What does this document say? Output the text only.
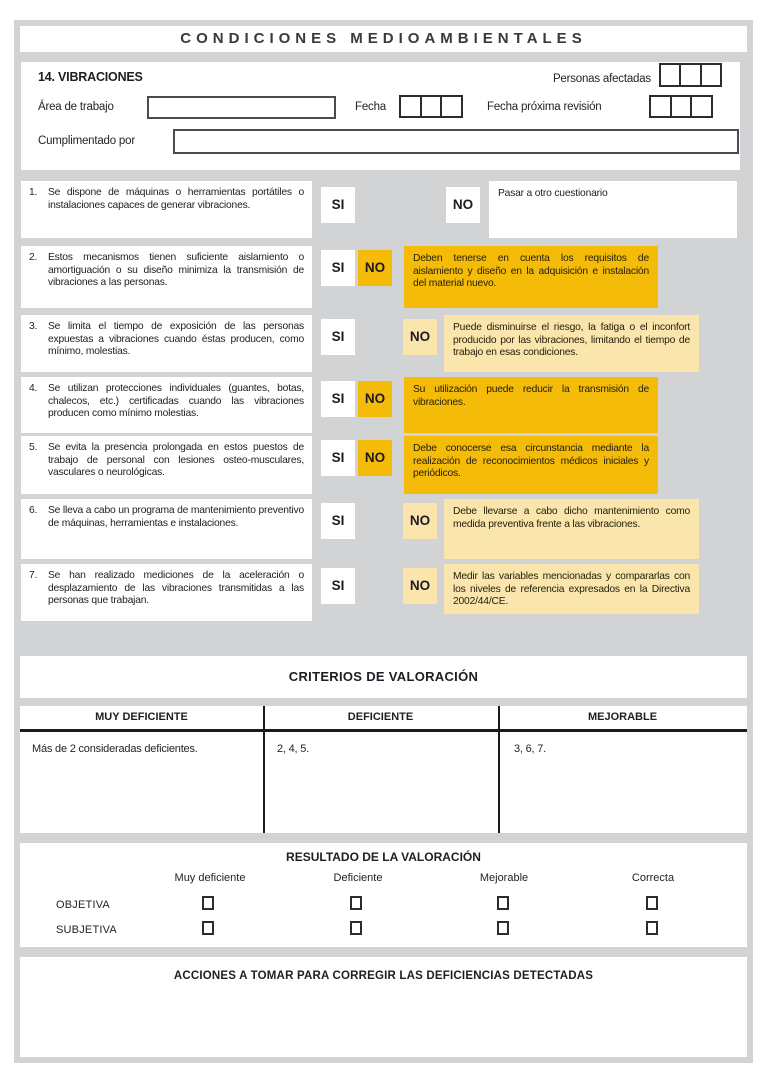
CONDICIONES MEDIOAMBIENTALES
14. VIBRACIONES	Personas afectadas
Área de trabajo	Fecha	Fecha próxima revisión
Cumplimentado por
1.	Se dispone de máquinas o herramientas portátiles o instalaciones capaces de generar vibraciones.	SI	NO
Pasar a otro cuestionario
2.	Estos mecanismos tienen suficiente aislamiento o amortiguación o su diseño minimiza la transmisión de vibraciones a las personas.
SI	NO
Deben tenerse en cuenta los requisitos de aislamiento y diseño en la adquisición e instalación del material nuevo.
3.	Se limita el tiempo de exposición de las personas expuestas a vibraciones cuando éstas producen, como mínimo, molestias.
SI	NO
Puede disminuirse el riesgo, la fatiga o el inconfort producido por las vibraciones, limitando el tiempo de trabajo en esas condiciones.
4.	Se utilizan protecciones individuales (guantes, botas, chalecos, etc.) certificadas cuando las vibraciones producen como mínimo molestias.
SI	NO
Su utilización puede reducir la transmisión de vibraciones.
5.	Se evita la presencia prolongada en estos puestos de trabajo de personal con lesiones osteo-musculares, vasculares o neurológicas.
SI	NO
Debe conocerse esa circunstancia mediante la realización de reconocimientos médicos iniciales y periódicos.
6.	Se lleva a cabo un programa de mantenimiento preventivo de máquinas, herramientas e instalaciones.	SI	NO
Debe llevarse a cabo dicho mantenimiento como medida preventiva frente a las vibraciones.
7.	Se han realizado mediciones de la aceleración o desplazamiento de las vibraciones transmitidas a las personas que trabajan.
SI	NO
Medir las variables mencionadas y compararlas con los niveles de referencia expresados en la Directiva 2002/44/CE.
CRITERIOS DE VALORACIÓN
MUY DEFICIENTE	DEFICIENTE	MEJORABLE
Más de 2 consideradas deficientes.	2, 4, 5.	3, 6, 7.
RESULTADO DE LA VALORACIÓN
Muy deficiente	Deficiente	Mejorable	Correcta
OBJETIVA
SUBJETIVA
ACCIONES A TOMAR PARA CORREGIR LAS DEFICIENCIAS DETECTADAS
